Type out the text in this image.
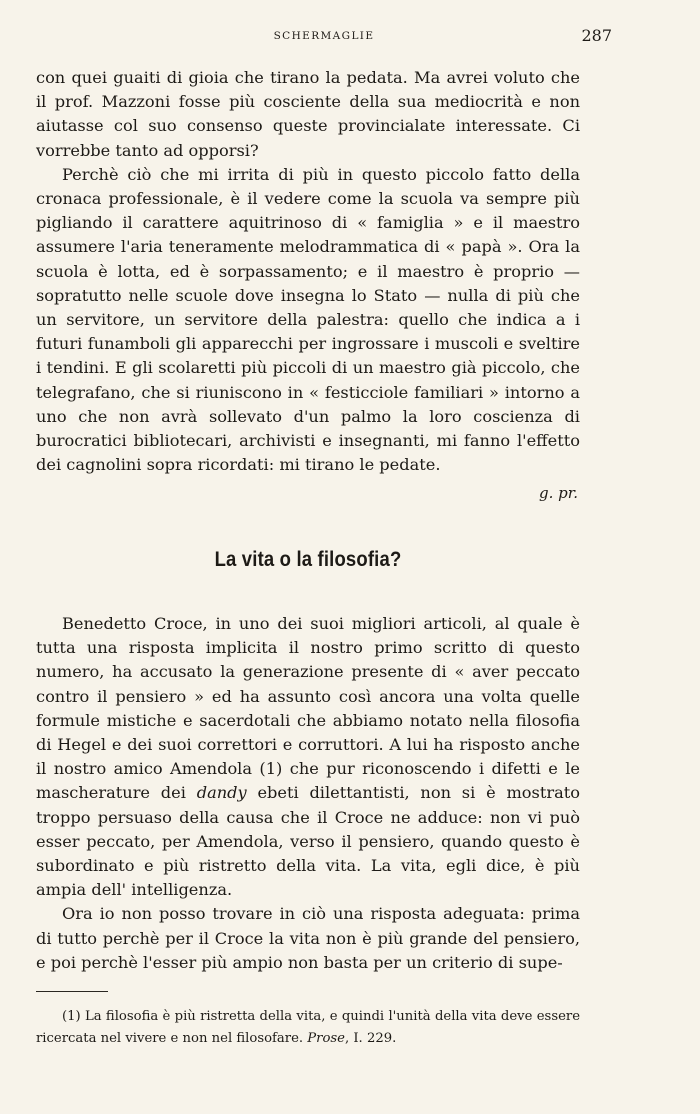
SCHERMAGLIE	287

con quei guaiti di gioia che tirano la pedata. Ma avrei voluto che il prof. Mazzoni fosse più cosciente della sua mediocrità e non aiutasse col suo consenso queste provincialate interessate. Ci vorrebbe tanto ad opporsi?

Perchè ciò che mi irrita di più in questo piccolo fatto della cronaca professionale, è il vedere come la scuola va sempre più pigliando il carattere aquitrinoso di « famiglia » e il maestro assumere l'aria teneramente melodrammatica di « papà ». Ora la scuola è lotta, ed è sorpassamento; e il maestro è proprio — sopratutto nelle scuole dove insegna lo Stato — nulla di più che un servitore, un servitore della palestra: quello che indica a i futuri funamboli gli apparecchi per ingrossare i muscoli e sveltire i tendini. E gli scolaretti più piccoli di un maestro già piccolo, che telegrafano, che si riuniscono in « festicciole familiari » intorno a uno che non avrà sollevato d'un palmo la loro coscienza di burocratici bibliotecari, archivisti e insegnanti, mi fanno l'effetto dei cagnolini sopra ricordati: mi tirano le pedate.

g. pr.
La vita o la filosofia?

Benedetto Croce, in uno dei suoi migliori articoli, al quale è tutta una risposta implicita il nostro primo scritto di questo numero, ha accusato la generazione presente di « aver peccato contro il pensiero » ed ha assunto così ancora una volta quelle formule mistiche e sacerdotali che abbiamo notato nella filosofia di Hegel e dei suoi correttori e corruttori. A lui ha risposto anche il nostro amico Amendola (1) che pur riconoscendo i difetti e le mascherature dei dandy ebeti dilettantisti, non si è mostrato troppo persuaso della causa che il Croce ne adduce: non vi può esser peccato, per Amendola, verso il pensiero, quando questo è subordinato e più ristretto della vita. La vita, egli dice, è più ampia dell' intelligenza.

Ora io non posso trovare in ciò una risposta adeguata: prima di tutto perchè per il Croce la vita non è più grande del pensiero, e poi perchè l'esser più ampio non basta per un criterio di supe-

(1) La filosofia è più ristretta della vita, e quindi l'unità della vita deve essere ricercata nel vivere e non nel filosofare. Prose, I. 229.
